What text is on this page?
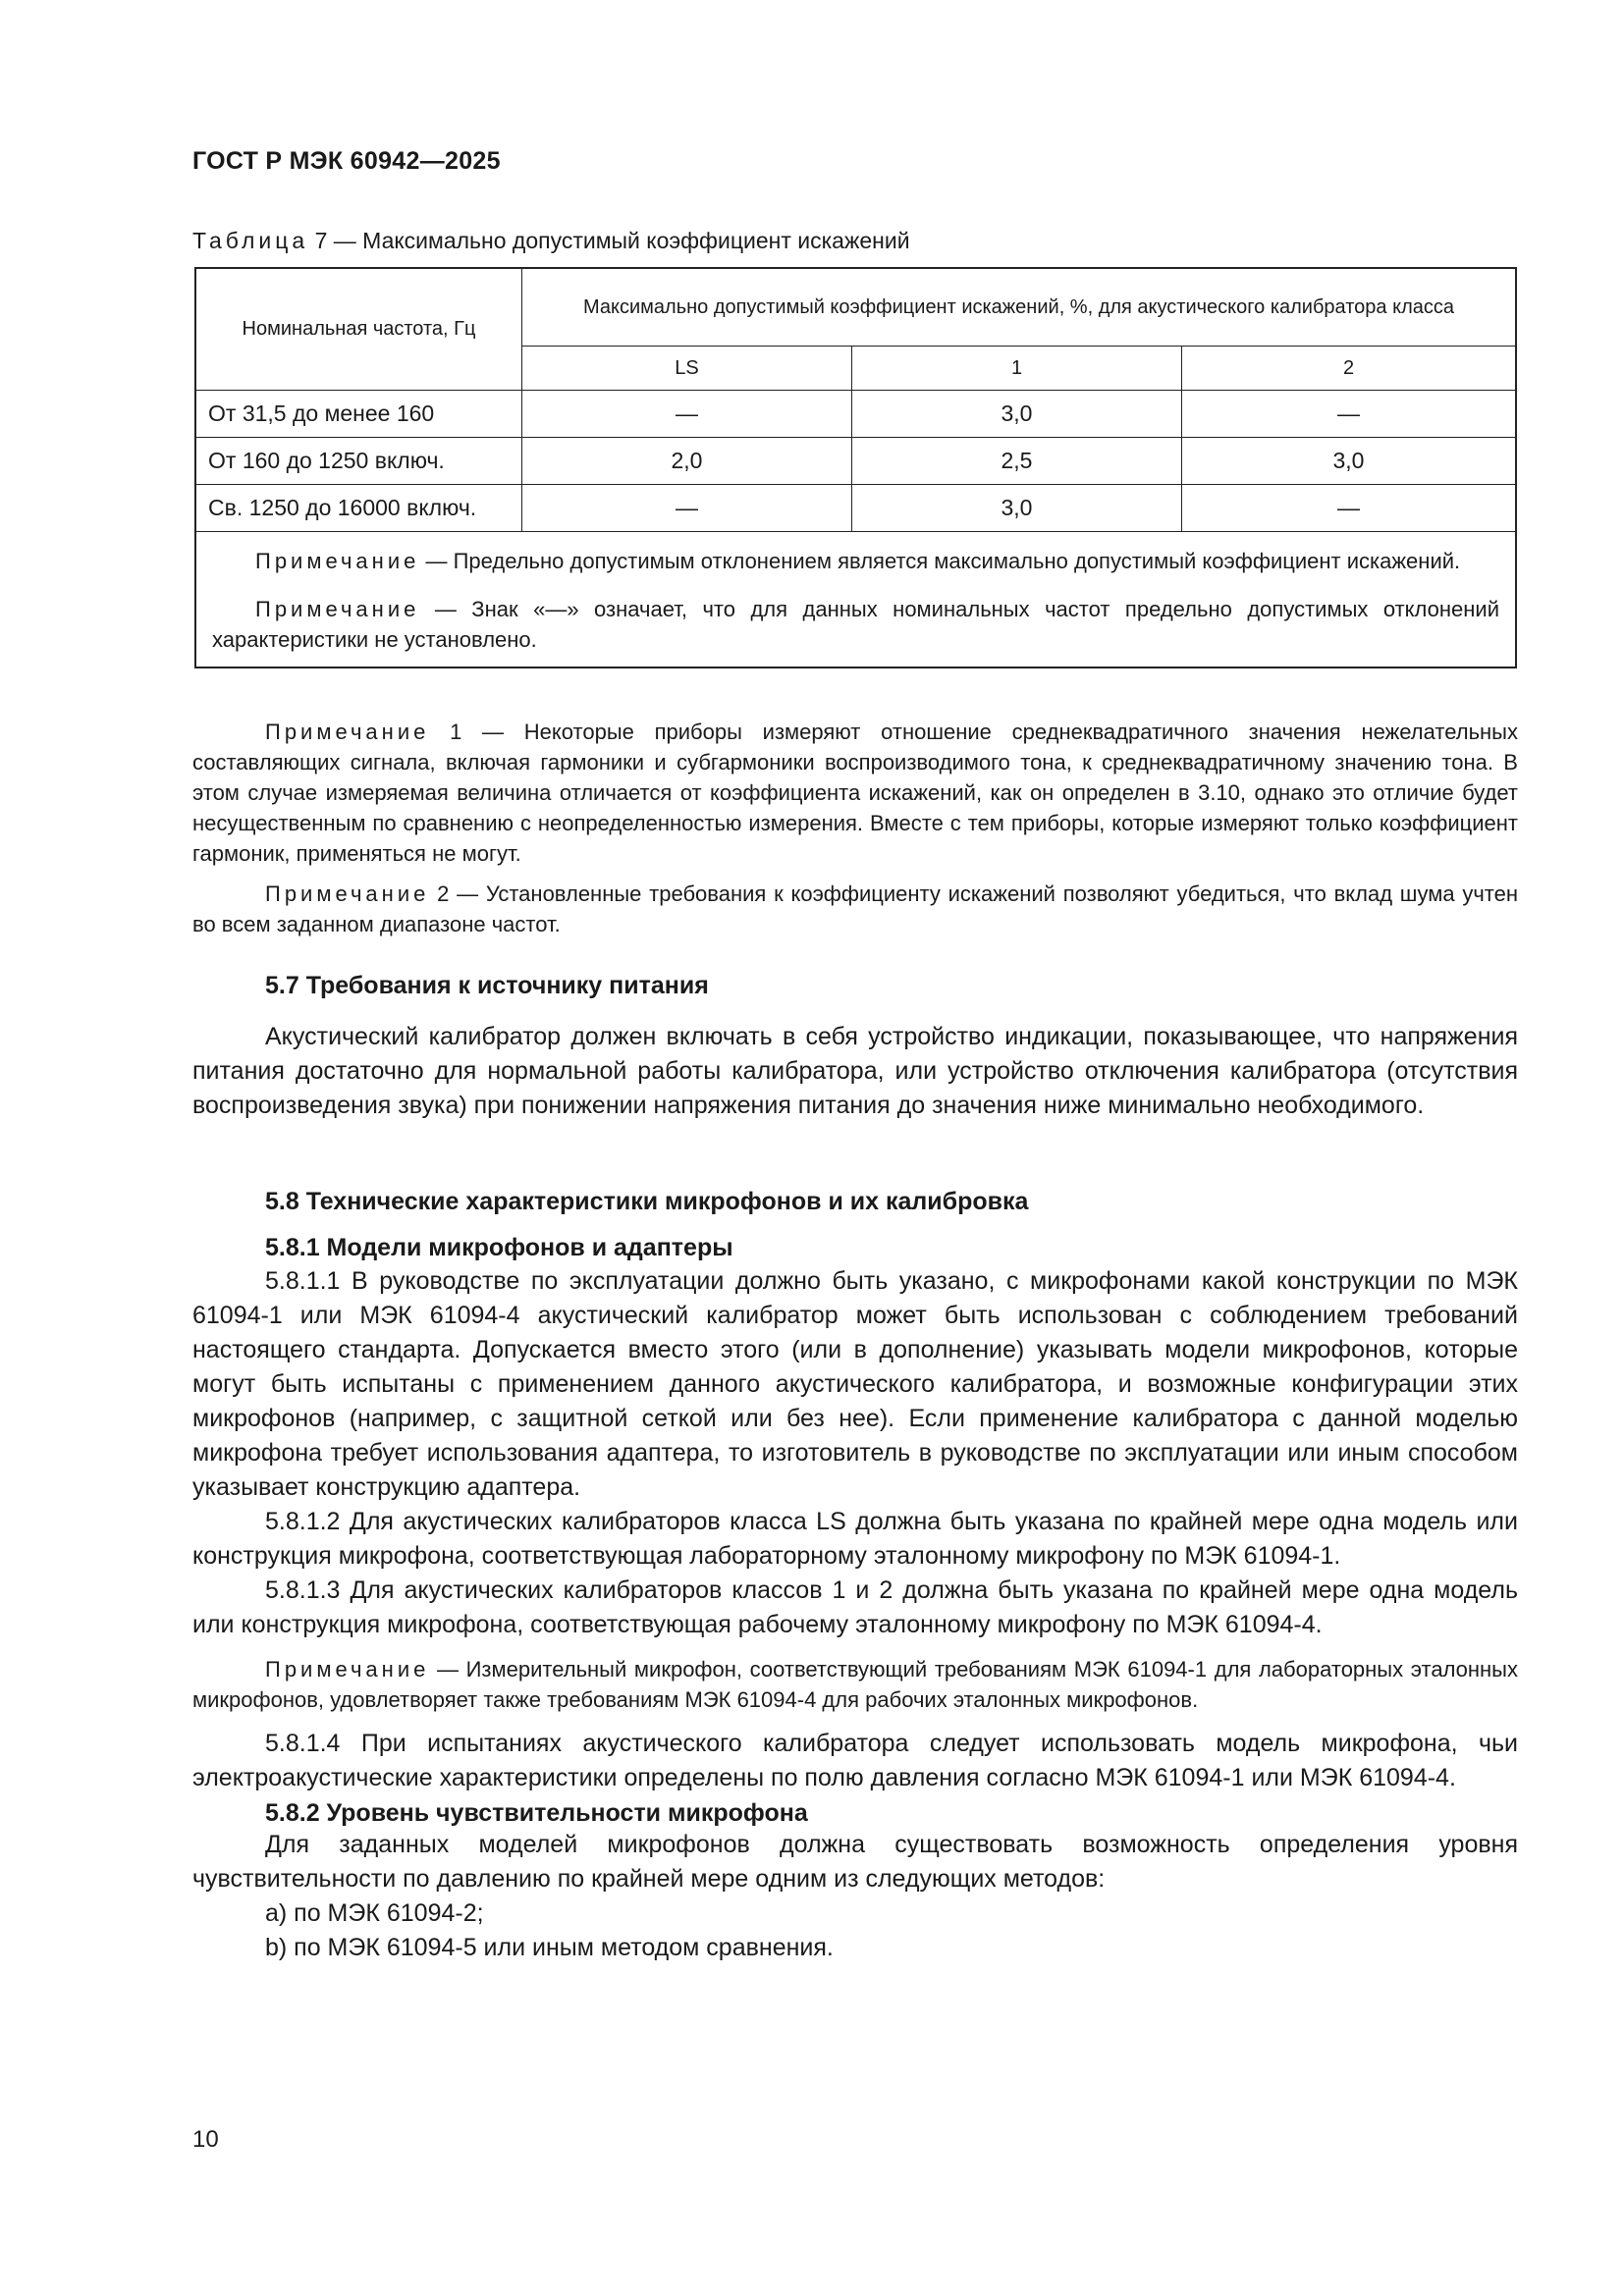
ГОСТ Р МЭК 60942—2025
Таблица 7 — Максимально допустимый коэффициент искажений
Номинальная частота, Гц	Максимально допустимый коэффициент искажений, %, для акустического калибратора класса		
	LS	1	2
От 31,5 до менее 160	—	3,0	—
От 160 до 1250 включ.	2,0	2,5	3,0
Св. 1250 до 16000 включ.	—	3,0	—

Примечание — Предельно допустимым отклонением является максимально допустимый коэффициент искажений.

Примечание — Знак «—» означает, что для данных номинальных частот предельно допустимых отклонений характеристики не установлено.			

Примечание 1 — Некоторые приборы измеряют отношение среднеквадратичного значения нежелательных составляющих сигнала, включая гармоники и субгармоники воспроизводимого тона, к среднеквадратичному значению тона. В этом случае измеряемая величина отличается от коэффициента искажений, как он определен в 3.10, однако это отличие будет несущественным по сравнению с неопределенностью измерения. Вместе с тем приборы, которые измеряют только коэффициент гармоник, применяться не могут.

Примечание 2 — Установленные требования к коэффициенту искажений позволяют убедиться, что вклад шума учтен во всем заданном диапазоне частот.

5.7 Требования к источнику питания

Акустический калибратор должен включать в себя устройство индикации, показывающее, что напряжения питания достаточно для нормальной работы калибратора, или устройство отключения калибратора (отсутствия воспроизведения звука) при понижении напряжения питания до значения ниже минимально необходимого.

5.8 Технические характеристики микрофонов и их калибровка
5.8.1 Модели микрофонов и адаптеры

5.8.1.1 В руководстве по эксплуатации должно быть указано, с микрофонами какой конструкции по МЭК 61094-1 или МЭК 61094-4 акустический калибратор может быть использован с соблюдением требований настоящего стандарта. Допускается вместо этого (или в дополнение) указывать модели микрофонов, которые могут быть испытаны с применением данного акустического калибратора, и возможные конфигурации этих микрофонов (например, с защитной сеткой или без нее). Если применение калибратора с данной моделью микрофона требует использования адаптера, то изготовитель в руководстве по эксплуатации или иным способом указывает конструкцию адаптера.

5.8.1.2 Для акустических калибраторов класса LS должна быть указана по крайней мере одна модель или конструкция микрофона, соответствующая лабораторному эталонному микрофону по МЭК 61094-1.

5.8.1.3 Для акустических калибраторов классов 1 и 2 должна быть указана по крайней мере одна модель или конструкция микрофона, соответствующая рабочему эталонному микрофону по МЭК 61094-4.

Примечание — Измерительный микрофон, соответствующий требованиям МЭК 61094-1 для лабораторных эталонных микрофонов, удовлетворяет также требованиям МЭК 61094-4 для рабочих эталонных микрофонов.

5.8.1.4 При испытаниях акустического калибратора следует использовать модель микрофона, чьи электроакустические характеристики определены по полю давления согласно МЭК 61094-1 или МЭК 61094-4.

5.8.2 Уровень чувствительности микрофона

Для заданных моделей микрофонов должна существовать возможность определения уровня чувствительности по давлению по крайней мере одним из следующих методов:

a) по МЭК 61094-2;

b) по МЭК 61094-5 или иным методом сравнения.

10
